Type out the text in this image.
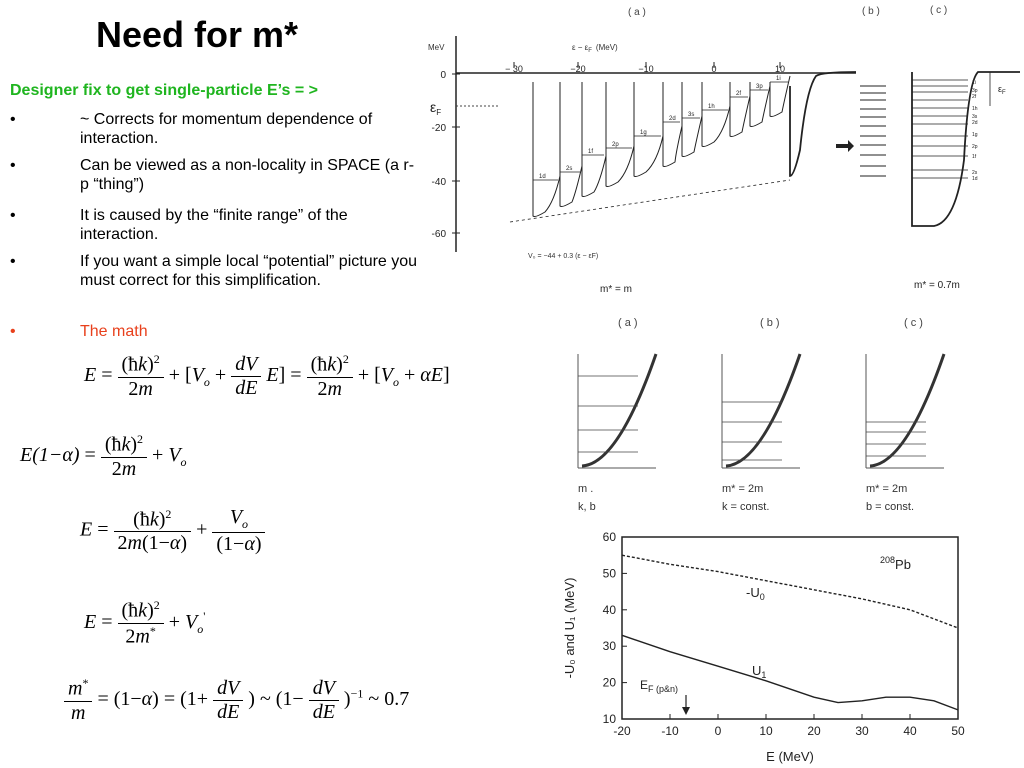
Need for m*
Designer fix to get single-particle E’s = >
•	~ Corrects for momentum dependence of interaction.
•	Can be viewed as a non-locality in SPACE (a r-p “thing”)
•	It is caused by the “finite range” of the interaction.
•	If you want a simple local “potential” picture you must correct for this simplification.
•	The math
$E = \frac{(ħk)^2}{2m} + [V_o + \frac{dV}{dE} E] = \frac{(ħk)^2}{2m} + [V_o + \alpha E]$
$E(1-\alpha) = \frac{(ħk)^2}{2m} + V_o$
$E = \frac{(ħk)^2}{2m(1-\alpha)} + \frac{V_o}{(1-\alpha)}$
$E = \frac{(ħk)^2}{2m^*} + V_o'$
$\frac{m^*}{m} = (1-\alpha) = (1+ \frac{dV}{dE}$ ) ~ $(1- \frac{dV}{dE} )^{-1}$ ~ 0.7
( a )	( b )	( c )
MeV	$\varepsilon - \varepsilon_F$ (MeV)
− 30	−20	−10	0	10
0
-20
-40
-60
$\varepsilon_F$
1d
2s
1f
2p
1g
2d
3s
1h
2f
3p
1i
V₀ = −44 + 0.3 (ε − εF)
1i
3p
2f
1h
3s
2d
1g
2p
1f
2s
1d
$\varepsilon_F$
m* = m	m* = 0.7m
( a )	( b )	( c )
m .
k, b
m* = 2m
k = const.
m* = 2m
b = const.
-20	-10	0	10	20	30	40	50
10
20
30
40
50
60
-U₀ and U₁ (MeV)
E (MeV)
$^{208}$Pb
$-U_0$
$U_1$
$E_{F (p\&n)}$
